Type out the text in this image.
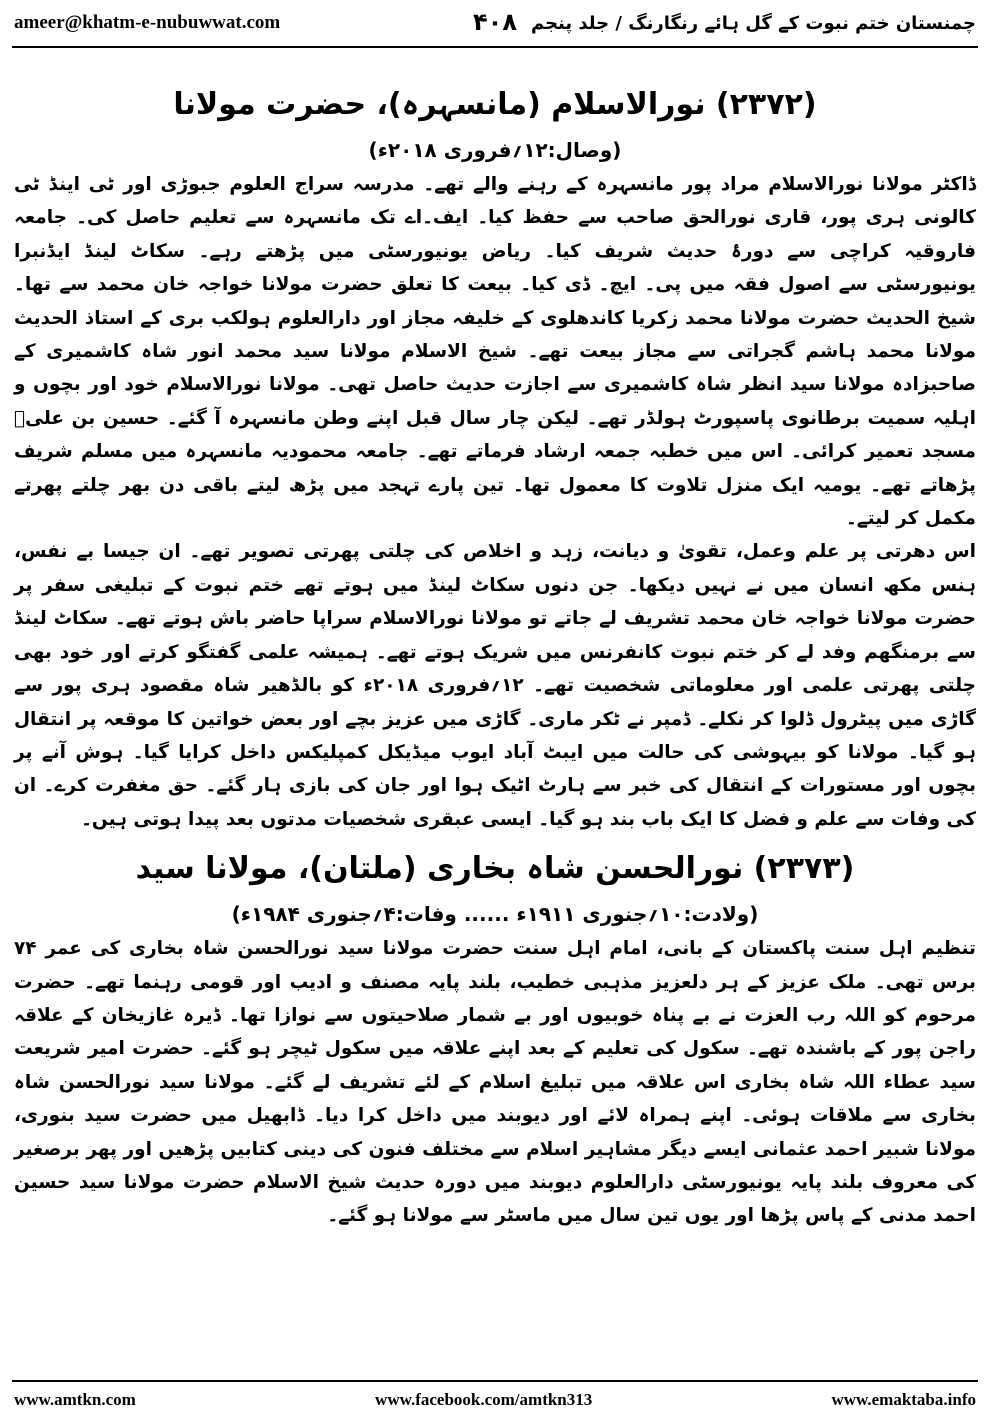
ameer@khatm-e-nubuwwat.com	۴۰۸ چمنستان ختم نبوت کے گل ہائے رنگارنگ / جلد پنجم
(۲۳۷۲) نورالاسلام (مانسہرہ)، حضرت مولانا
(وصال:۱۲؍فروری ۲۰۱۸ء)

ڈاکٹر مولانا نورالاسلام مراد پور مانسہرہ کے رہنے والے تھے۔ مدرسہ سراج العلوم جبوڑی اور ٹی اینڈ ٹی کالونی ہری پور، قاری نورالحق صاحب سے حفظ کیا۔ ایف۔اے تک مانسہرہ سے تعلیم حاصل کی۔ جامعہ فاروقیہ کراچی سے دورۂ حدیث شریف کیا۔ ریاض یونیورسٹی میں پڑھتے رہے۔ سکاٹ لینڈ ایڈنبرا یونیورسٹی سے اصول فقہ میں پی۔ ایچ۔ ڈی کیا۔ بیعت کا تعلق حضرت مولانا خواجہ خان محمد سے تھا۔ شیخ الحدیث حضرت مولانا محمد زکریا کاندھلوی کے خلیفہ مجاز اور دارالعلوم ہولکب بری کے استاذ الحدیث مولانا محمد ہاشم گجراتی سے مجاز بیعت تھے۔ شیخ الاسلام مولانا سید محمد انور شاہ کاشمیری کے صاحبزادہ مولانا سید انظر شاہ کاشمیری سے اجازت حدیث حاصل تھی۔ مولانا نورالاسلام خود اور بچوں و اہلیہ سمیت برطانوی پاسپورٹ ہولڈر تھے۔ لیکن چار سال قبل اپنے وطن مانسہرہ آ گئے۔ حسین بن علیؓ مسجد تعمیر کرائی۔ اس میں خطبہ جمعہ ارشاد فرماتے تھے۔ جامعہ محمودیہ مانسہرہ میں مسلم شریف پڑھاتے تھے۔ یومیہ ایک منزل تلاوت کا معمول تھا۔ تین پارے تہجد میں پڑھ لیتے باقی دن بھر چلتے پھرتے مکمل کر لیتے۔

اس دھرتی پر علم وعمل، تقویٰ و دیانت، زہد و اخلاص کی چلتی پھرتی تصویر تھے۔ ان جیسا بے نفس، ہنس مکھ انسان میں نے نہیں دیکھا۔ جن دنوں سکاٹ لینڈ میں ہوتے تھے ختم نبوت کے تبلیغی سفر پر حضرت مولانا خواجہ خان محمد تشریف لے جاتے تو مولانا نورالاسلام سراپا حاضر باش ہوتے تھے۔ سکاٹ لینڈ سے برمنگھم وفد لے کر ختم نبوت کانفرنس میں شریک ہوتے تھے۔ ہمیشہ علمی گفتگو کرتے اور خود بھی چلتی پھرتی علمی اور معلوماتی شخصیت تھے۔ ۱۲؍فروری ۲۰۱۸ء کو بالڈھیر شاہ مقصود ہری پور سے گاڑی میں پیٹرول ڈلوا کر نکلے۔ ڈمپر نے ٹکر ماری۔ گاڑی میں عزیز بچے اور بعض خواتین کا موقعہ پر انتقال ہو گیا۔ مولانا کو بیہوشی کی حالت میں ایبٹ آباد ایوب میڈیکل کمپلیکس داخل کرایا گیا۔ ہوش آنے پر بچوں اور مستورات کے انتقال کی خبر سے ہارٹ اٹیک ہوا اور جان کی بازی ہار گئے۔ حق مغفرت کرے۔ ان کی وفات سے علم و فضل کا ایک باب بند ہو گیا۔ ایسی عبقری شخصیات مدتوں بعد پیدا ہوتی ہیں۔

(۲۳۷۳) نورالحسن شاہ بخاری (ملتان)، مولانا سید
(ولادت:۱۰؍جنوری ۱۹۱۱ء ...... وفات:۴؍جنوری ۱۹۸۴ء)

تنظیم اہل سنت پاکستان کے بانی، امام اہل سنت حضرت مولانا سید نورالحسن شاہ بخاری کی عمر ۷۴ برس تھی۔ ملک عزیز کے ہر دلعزیز مذہبی خطیب، بلند پایہ مصنف و ادیب اور قومی رہنما تھے۔ حضرت مرحوم کو اللہ رب العزت نے بے پناہ خوبیوں اور بے شمار صلاحیتوں سے نوازا تھا۔ ڈیرہ غازیخان کے علاقہ راجن پور کے باشندہ تھے۔ سکول کی تعلیم کے بعد اپنے علاقہ میں سکول ٹیچر ہو گئے۔ حضرت امیر شریعت سید عطاء اللہ شاہ بخاری اس علاقہ میں تبلیغ اسلام کے لئے تشریف لے گئے۔ مولانا سید نورالحسن شاہ بخاری سے ملاقات ہوئی۔ اپنے ہمراہ لائے اور دیوبند میں داخل کرا دیا۔ ڈابھیل میں حضرت سید بنوری، مولانا شبیر احمد عثمانی ایسے دیگر مشاہیر اسلام سے مختلف فنون کی دینی کتابیں پڑھیں اور پھر برصغیر کی معروف بلند پایہ یونیورسٹی دارالعلوم دیوبند میں دورہ حدیث شیخ الاسلام حضرت مولانا سید حسین احمد مدنی کے پاس پڑھا اور یوں تین سال میں ماسٹر سے مولانا ہو گئے۔

www.amtkn.com	www.facebook.com/amtkn313	www.emaktaba.info
